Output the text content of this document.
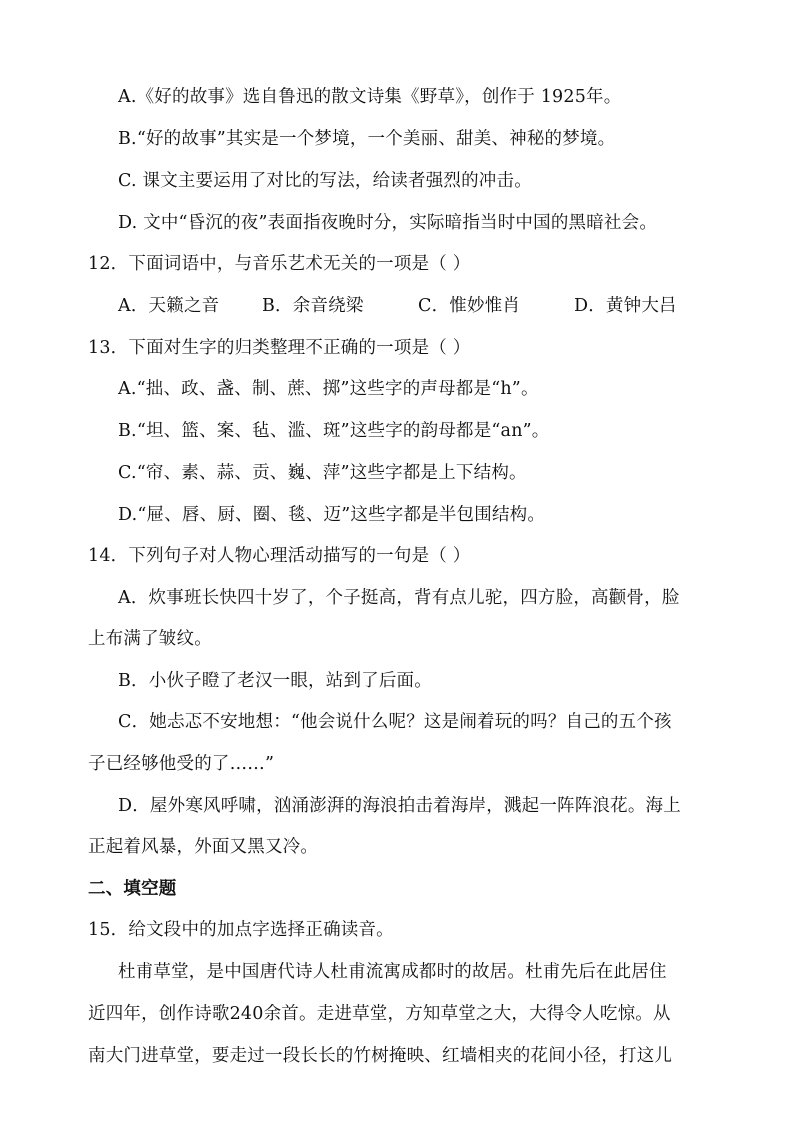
A.《好的故事》选自鲁迅的散文诗集《野草》，创作于 1925年。
B.“好的故事”其实是一个梦境，一个美丽、甜美、神秘的梦境。
C. 课文主要运用了对比的写法，给读者强烈的冲击。
D. 文中“昏沉的夜”表面指夜晚时分，实际暗指当时中国的黑暗社会。
12．下面词语中，与音乐艺术无关的一项是（ ）
A．天籁之音 B．余音绕梁	C．惟妙惟肖	D．黄钟大吕
13．下面对生字的归类整理不正确的一项是（ ）
A.“拙、政、盏、制、蔗、掷”这些字的声母都是“h”。
B.“坦、篮、案、毡、滥、斑”这些字的韵母都是“an”。
C.“帘、素、蒜、贡、巍、萍”这些字都是上下结构。
D.“屉、唇、厨、圈、毯、迈”这些字都是半包围结构。
14．下列句子对人物心理活动描写的一句是（ ）
A．炊事班长快四十岁了，个子挺高，背有点儿驼，四方脸，高颧骨，脸
上布满了皱纹。
B．小伙子瞪了老汉一眼，站到了后面。
C．她忐忑不安地想：“他会说什么呢？这是闹着玩的吗？自己的五个孩
子已经够他受的了……”
D．屋外寒风呼啸，汹涌澎湃的海浪拍击着海岸，溅起一阵阵浪花。海上
正起着风暴，外面又黑又冷。
二、填空题
15．给文段中的加点字选择正确读音。
杜甫草堂，是中国唐代诗人杜甫流寓成都时的故居。杜甫先后在此居住
近四年，创作诗歌240余首。走进草堂，方知草堂之大，大得令人吃惊。从
南大门进草堂，要走过一段长长的竹树掩映、红墙相夹的花间小径，打这儿
